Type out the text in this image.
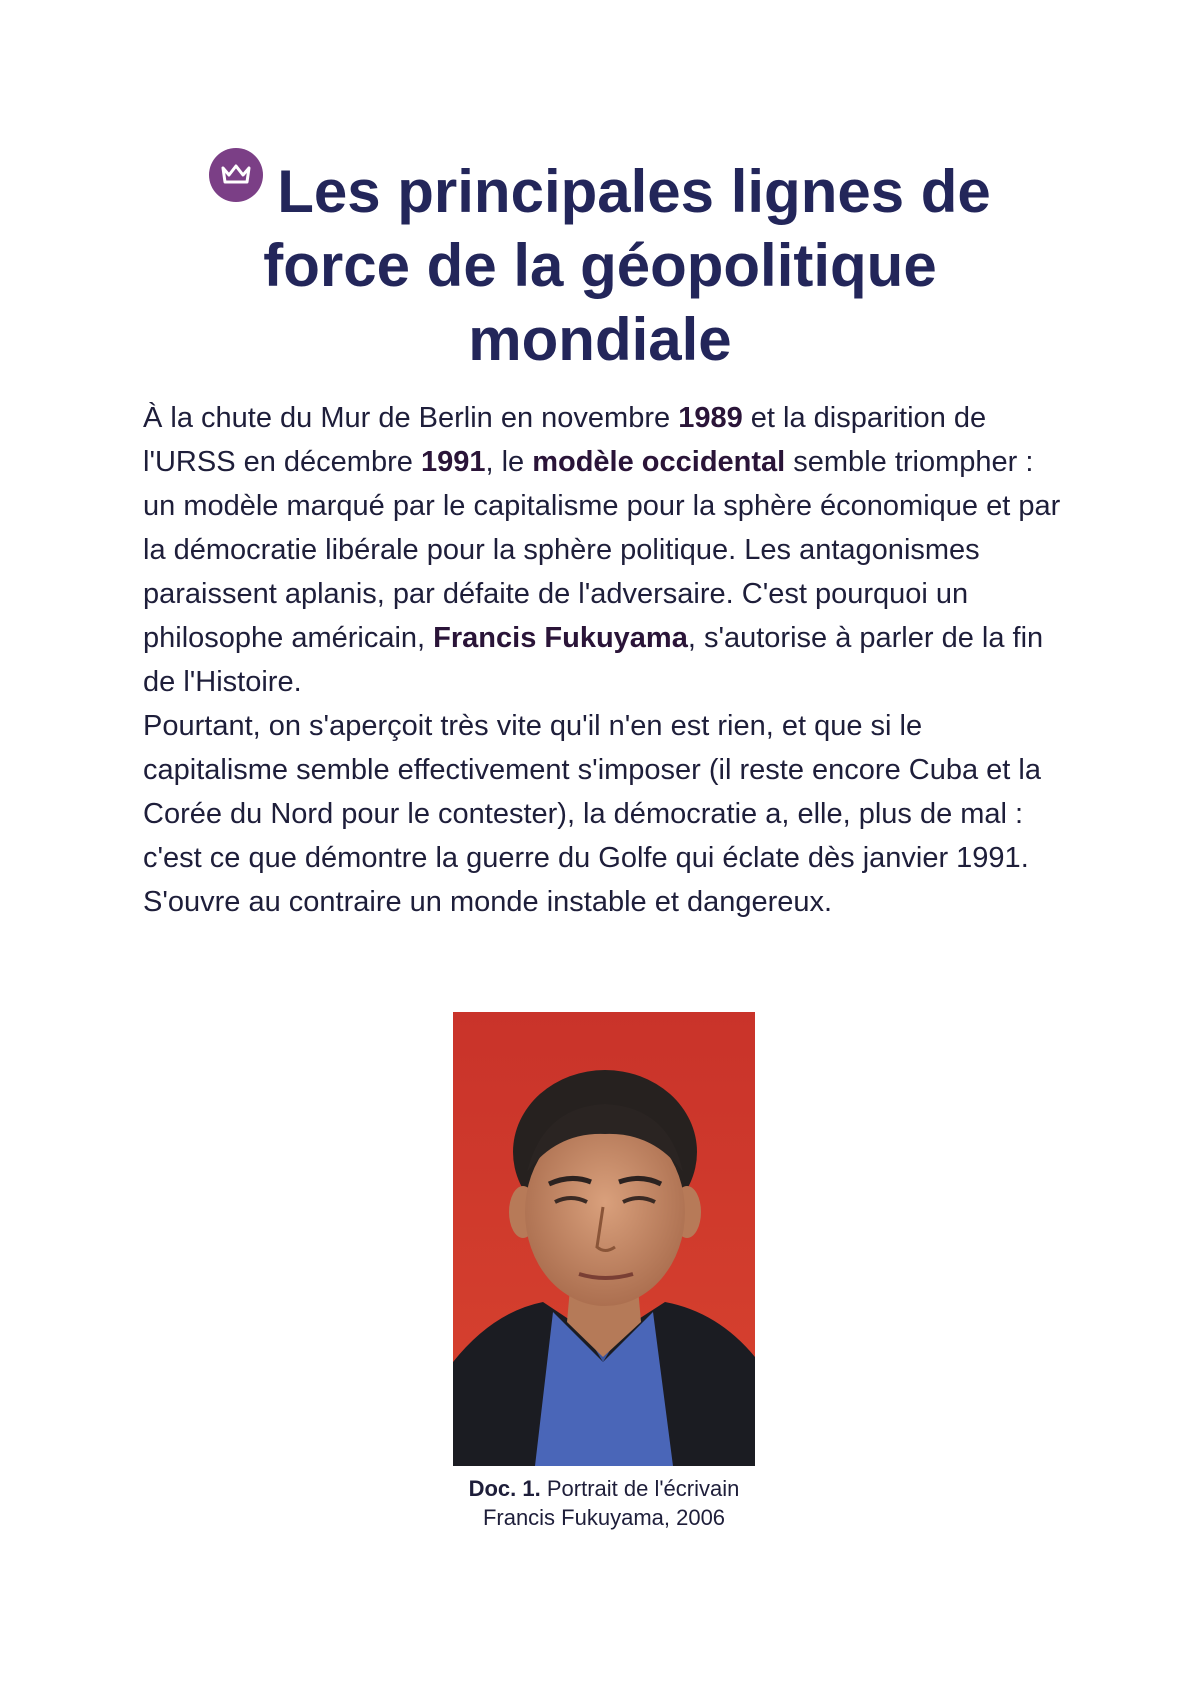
Les principales lignes de force de la géopolitique mondiale

À la chute du Mur de Berlin en novembre 1989 et la disparition de l'URSS en décembre 1991, le modèle occidental semble triompher : un modèle marqué par le capitalisme pour la sphère économique et par la démocratie libérale pour la sphère politique. Les antagonismes paraissent aplanis, par défaite de l'adversaire. C'est pourquoi un philosophe américain, Francis Fukuyama, s'autorise à parler de la fin de l'Histoire.

Pourtant, on s'aperçoit très vite qu'il n'en est rien, et que si le capitalisme semble effectivement s'imposer (il reste encore Cuba et la Corée du Nord pour le contester), la démocratie a, elle, plus de mal : c'est ce que démontre la guerre du Golfe qui éclate dès janvier 1991. S'ouvre au contraire un monde instable et dangereux.

Doc. 1. Portrait de l'écrivain
Francis Fukuyama, 2006
